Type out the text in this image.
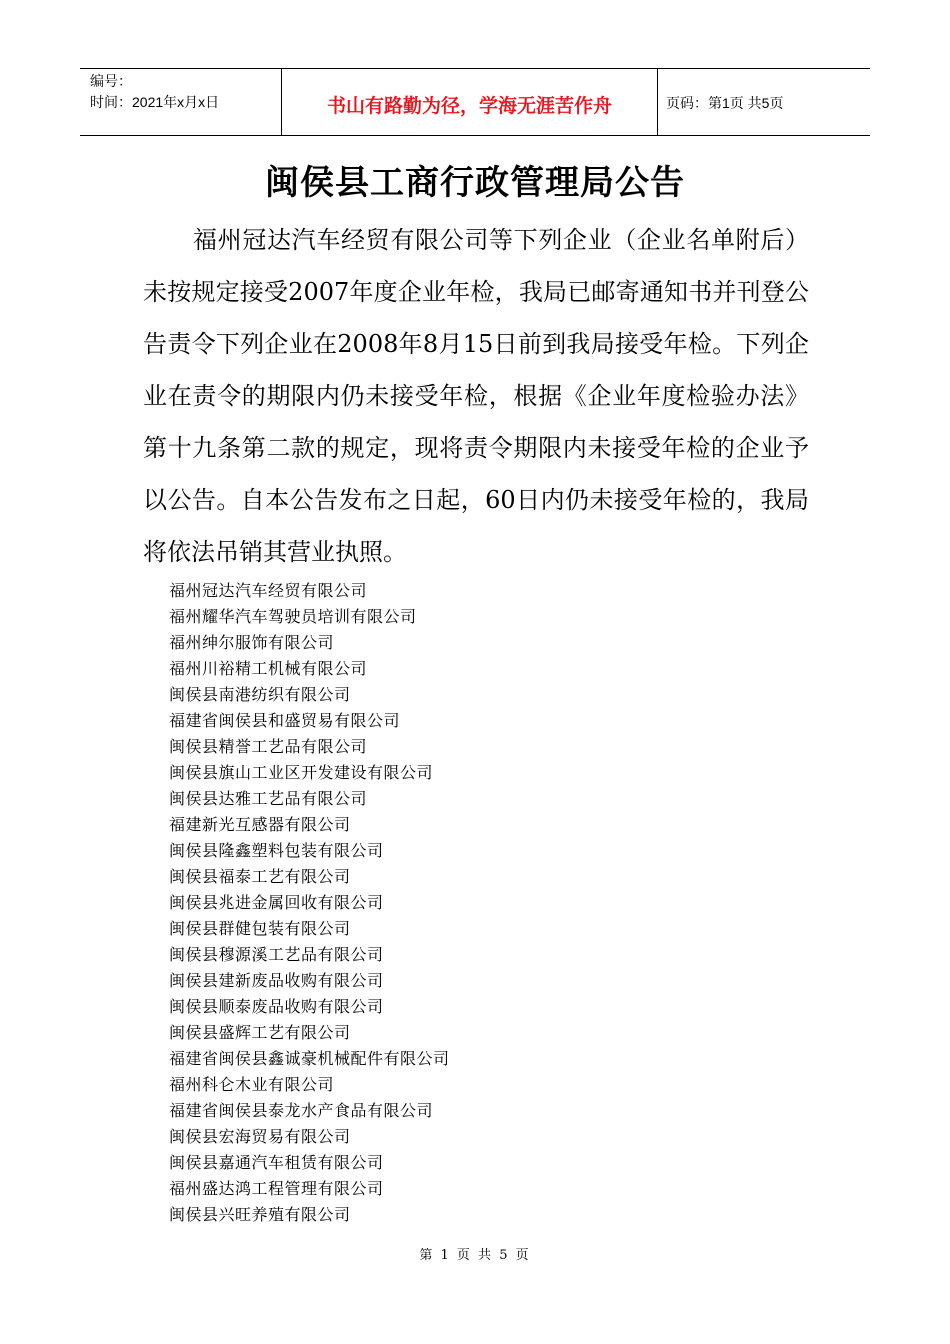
编号：
时间：2021年x月x日	书山有路勤为径，学海无涯苦作舟	页码：第1页 共5页
闽侯县工商行政管理局公告

福州冠达汽车经贸有限公司等下列企业（企业名单附后）未按规定接受2007年度企业年检，我局已邮寄通知书并刊登公告责令下列企业在2008年8月15日前到我局接受年检。下列企业在责令的期限内仍未接受年检，根据《企业年度检验办法》第十九条第二款的规定，现将责令期限内未接受年检的企业予以公告。自本公告发布之日起，60日内仍未接受年检的，我局将依法吊销其营业执照。

福州冠达汽车经贸有限公司
福州耀华汽车驾驶员培训有限公司
福州绅尔服饰有限公司
福州川裕精工机械有限公司
闽侯县南港纺织有限公司
福建省闽侯县和盛贸易有限公司
闽侯县精誉工艺品有限公司
闽侯县旗山工业区开发建设有限公司
闽侯县达雅工艺品有限公司
福建新光互感器有限公司
闽侯县隆鑫塑料包装有限公司
闽侯县福泰工艺有限公司
闽侯县兆进金属回收有限公司
闽侯县群健包装有限公司
闽侯县穆源溪工艺品有限公司
闽侯县建新废品收购有限公司
闽侯县顺泰废品收购有限公司
闽侯县盛辉工艺有限公司
福建省闽侯县鑫诚豪机械配件有限公司
福州科仑木业有限公司
福建省闽侯县泰龙水产食品有限公司
闽侯县宏海贸易有限公司
闽侯县嘉通汽车租赁有限公司
福州盛达鸿工程管理有限公司
闽侯县兴旺养殖有限公司
第 1 页 共 5 页
